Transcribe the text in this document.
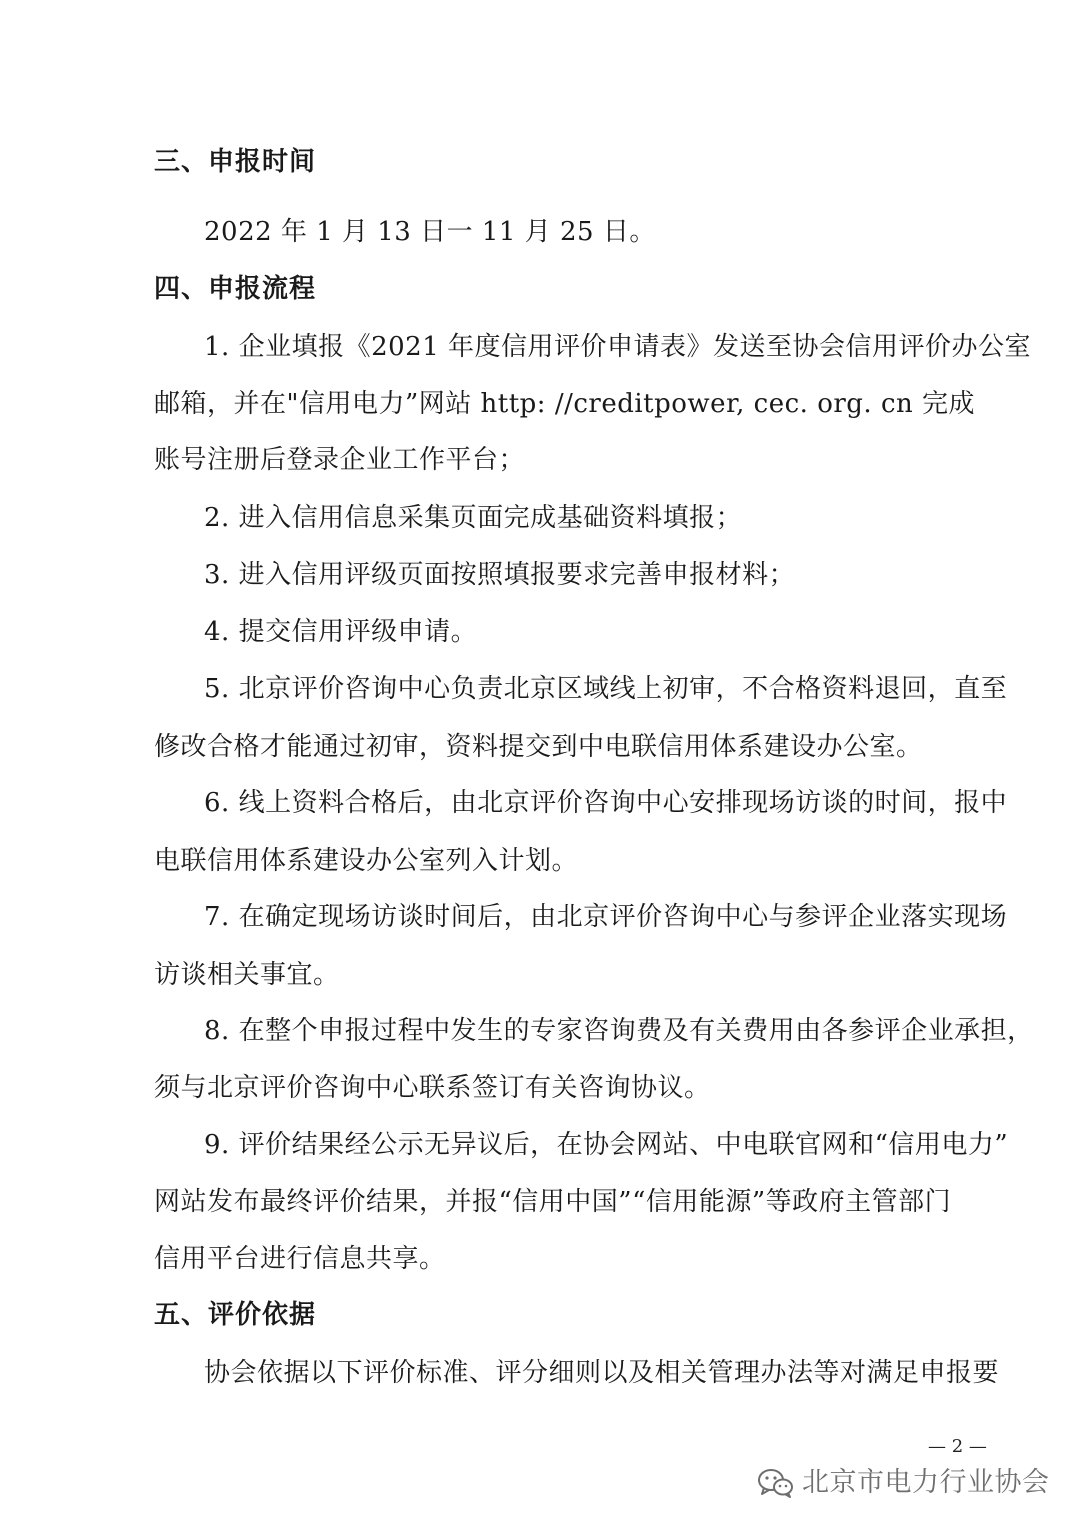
三、申报时间
2022 年 1 月 13 日一 11 月 25 日。
四、申报流程
1. 企业填报《2021 年度信用评价申请表》发送至协会信用评价办公室
邮箱，并在"信用电力”网站 http: //creditpower, cec. org. cn 完成
账号注册后登录企业工作平台；
2. 进入信用信息采集页面完成基础资料填报；
3. 进入信用评级页面按照填报要求完善申报材料；
4. 提交信用评级申请。
5. 北京评价咨询中心负责北京区域线上初审，不合格资料退回，直至
修改合格才能通过初审，资料提交到中电联信用体系建设办公室。
6. 线上资料合格后，由北京评价咨询中心安排现场访谈的时间，报中
电联信用体系建设办公室列入计划。
7. 在确定现场访谈时间后，由北京评价咨询中心与参评企业落实现场
访谈相关事宜。
8. 在整个申报过程中发生的专家咨询费及有关费用由各参评企业承担，
须与北京评价咨询中心联系签订有关咨询协议。
9. 评价结果经公示无异议后，在协会网站、中电联官网和“信用电力”
网站发布最终评价结果，并报“信用中国”“信用能源”等政府主管部门
信用平台进行信息共享。
五、评价依据
协会依据以下评价标准、评分细则以及相关管理办法等对满足申报要
— 2 —
北京市电力行业协会
